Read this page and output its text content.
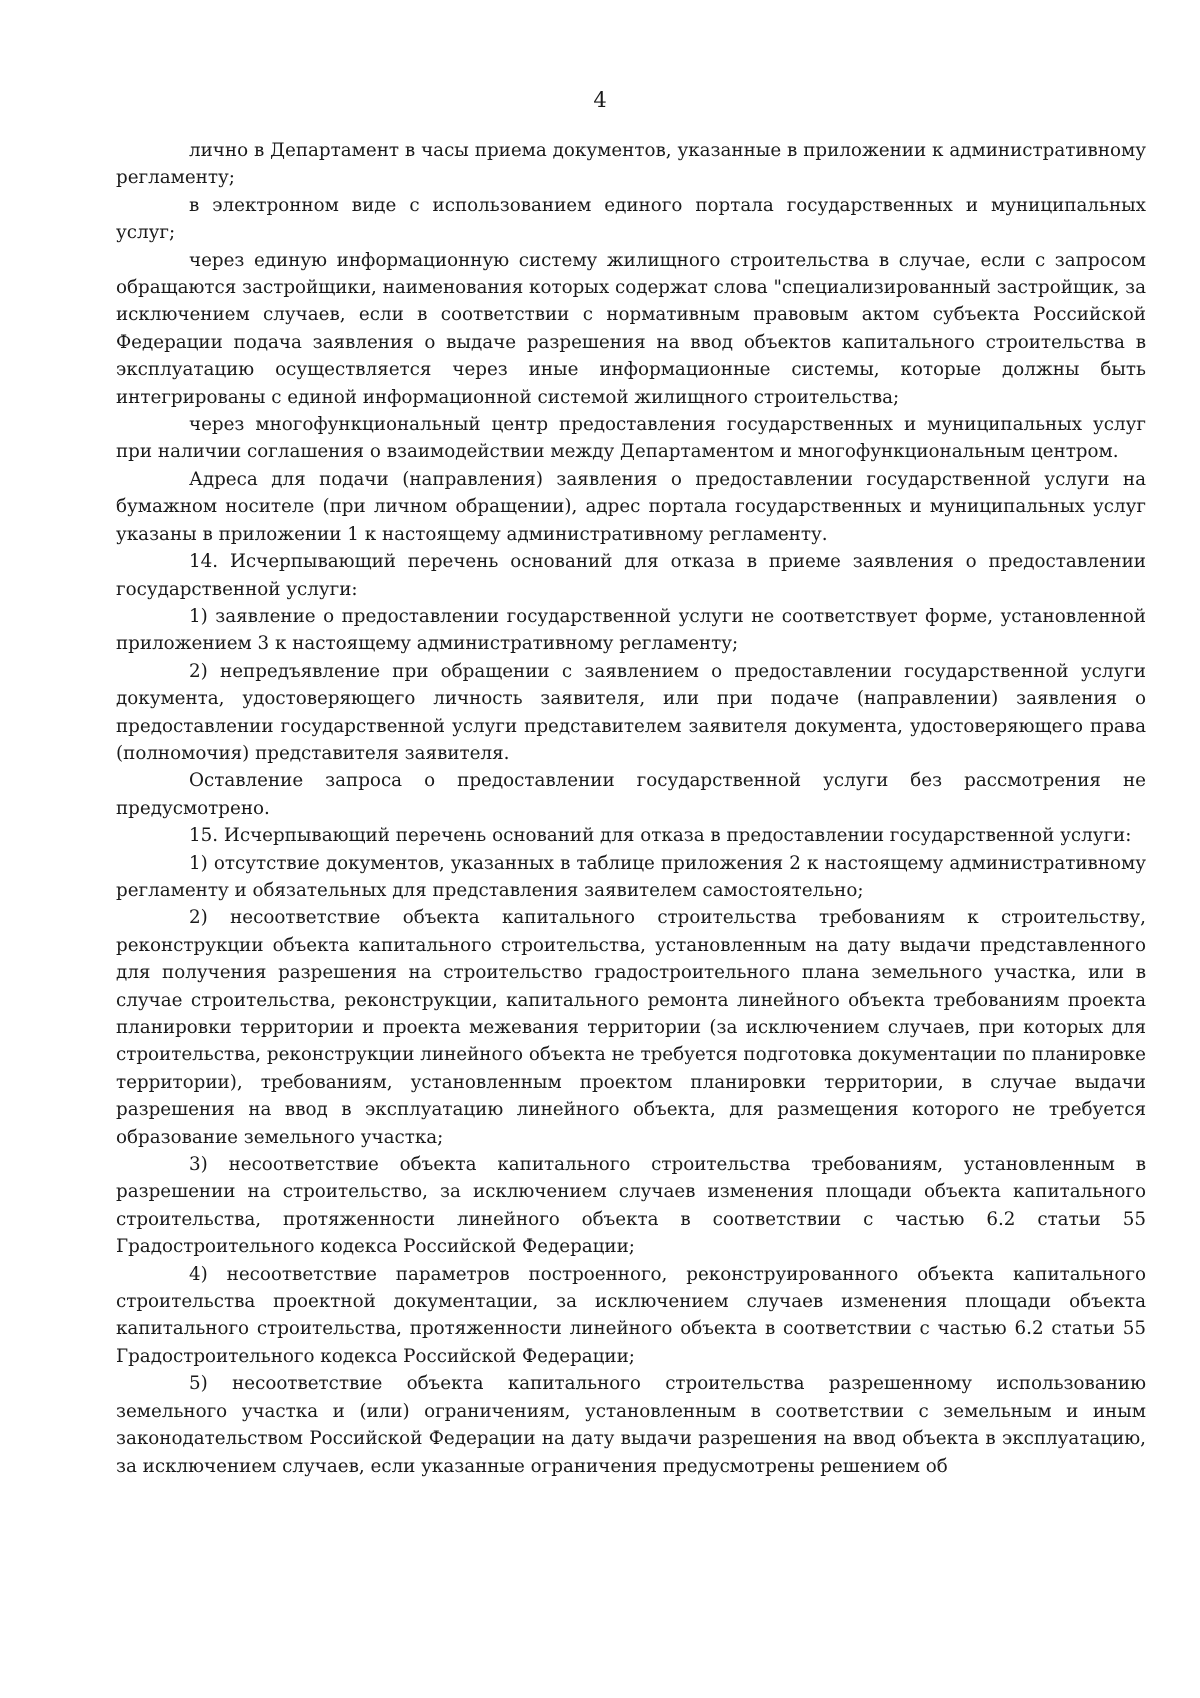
4

лично в Департамент в часы приема документов, указанные в приложении к административному регламенту;

в электронном виде с использованием единого портала государственных и муниципальных услуг;

через единую информационную систему жилищного строительства в случае, если с запросом обращаются застройщики, наименования которых содержат слова "специализированный застройщик, за исключением случаев, если в соответствии с нормативным правовым актом субъекта Российской Федерации подача заявления о выдаче разрешения на ввод объектов капитального строительства в эксплуатацию осуществляется через иные информационные системы, которые должны быть интегрированы с единой информационной системой жилищного строительства;

через многофункциональный центр предоставления государственных и муниципальных услуг при наличии соглашения о взаимодействии между Департаментом и многофункциональным центром.

Адреса для подачи (направления) заявления о предоставлении государственной услуги на бумажном носителе (при личном обращении), адрес портала государственных и муниципальных услуг указаны в приложении 1 к настоящему административному регламенту.

14. Исчерпывающий перечень оснований для отказа в приеме заявления о предоставлении государственной услуги:

1) заявление о предоставлении государственной услуги не соответствует форме, установленной приложением 3 к настоящему административному регламенту;

2) непредъявление при обращении с заявлением о предоставлении государственной услуги документа, удостоверяющего личность заявителя, или при подаче (направлении) заявления о предоставлении государственной услуги представителем заявителя документа, удостоверяющего права (полномочия) представителя заявителя.

Оставление запроса о предоставлении государственной услуги без рассмотрения не предусмотрено.

15. Исчерпывающий перечень оснований для отказа в предоставлении государственной услуги:

1) отсутствие документов, указанных в таблице приложения 2 к настоящему административному регламенту и обязательных для представления заявителем самостоятельно;

2) несоответствие объекта капитального строительства требованиям к строительству, реконструкции объекта капитального строительства, установленным на дату выдачи представленного для получения разрешения на строительство градостроительного плана земельного участка, или в случае строительства, реконструкции, капитального ремонта линейного объекта требованиям проекта планировки территории и проекта межевания территории (за исключением случаев, при которых для строительства, реконструкции линейного объекта не требуется подготовка документации по планировке территории), требованиям, установленным проектом планировки территории, в случае выдачи разрешения на ввод в эксплуатацию линейного объекта, для размещения которого не требуется образование земельного участка;

3) несоответствие объекта капитального строительства требованиям, установленным в разрешении на строительство, за исключением случаев изменения площади объекта капитального строительства, протяженности линейного объекта в соответствии с частью 6.2 статьи 55 Градостроительного кодекса Российской Федерации;

4) несоответствие параметров построенного, реконструированного объекта капитального строительства проектной документации, за исключением случаев изменения площади объекта капитального строительства, протяженности линейного объекта в соответствии с частью 6.2 статьи 55 Градостроительного кодекса Российской Федерации;

5) несоответствие объекта капитального строительства разрешенному использованию земельного участка и (или) ограничениям, установленным в соответствии с земельным и иным законодательством Российской Федерации на дату выдачи разрешения на ввод объекта в эксплуатацию, за исключением случаев, если указанные ограничения предусмотрены решением об
